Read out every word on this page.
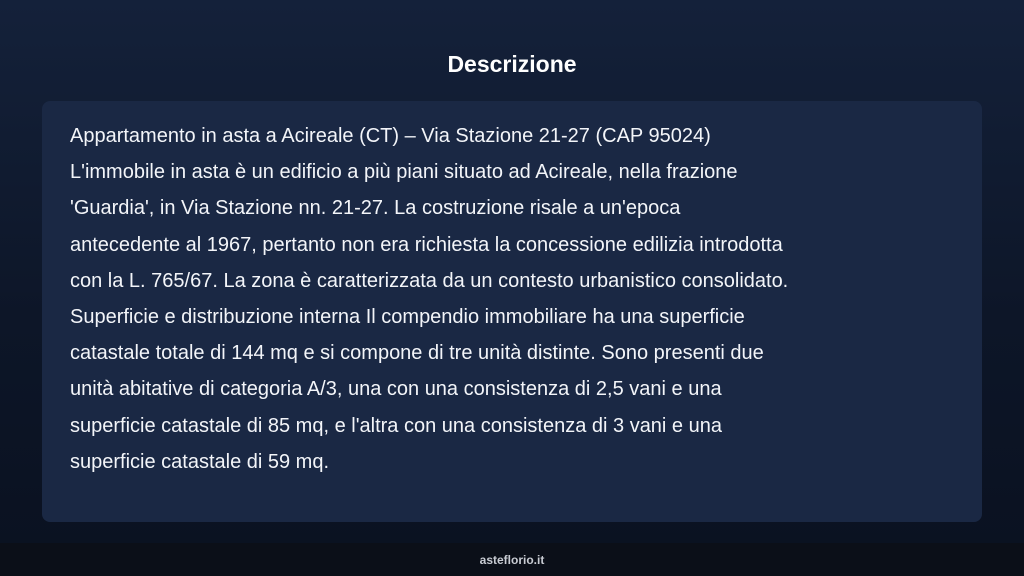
Descrizione

Appartamento in asta a Acireale (CT) – Via Stazione 21-27 (CAP 95024)
L'immobile in asta è un edificio a più piani situato ad Acireale, nella frazione
'Guardia', in Via Stazione nn. 21-27. La costruzione risale a un'epoca
antecedente al 1967, pertanto non era richiesta la concessione edilizia introdotta
con la L. 765/67. La zona è caratterizzata da un contesto urbanistico consolidato.
Superficie e distribuzione interna Il compendio immobiliare ha una superficie
catastale totale di 144 mq e si compone di tre unità distinte. Sono presenti due
unità abitative di categoria A/3, una con una consistenza di 2,5 vani e una
superficie catastale di 85 mq, e l'altra con una consistenza di 3 vani e una
superficie catastale di 59 mq.

asteflorio.it
